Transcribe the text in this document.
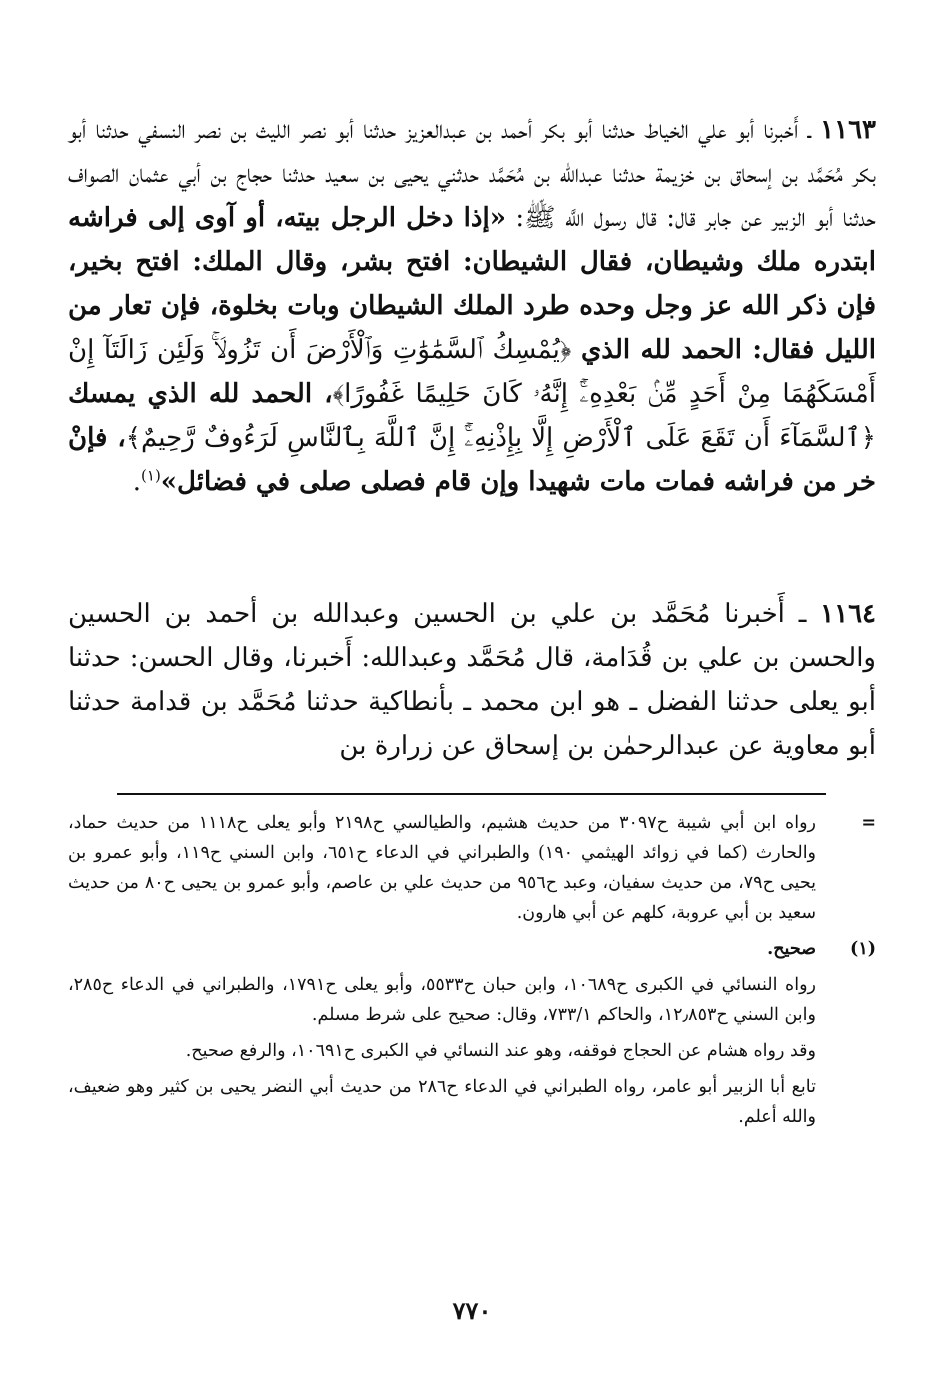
١١٦٣ ـ أَخبرنا أبو علي الخياط حدثنا أبو بكر أحمد بن عبدالعزيز حدثنا أبو نصر الليث بن نصر النسفي حدثنا أبو بكر مُحَمَّد بن إسحاق بن خزيمة حدثنا عبدالله بن مُحَمَّد حدثني يحيى بن سعيد حدثنا حجاج بن أبي عثمان الصواف حدثنا أبو الزبير عن جابر قال: قال رسول اللَّه ﷺ: «إذا دخل الرجل بيته، أو آوى إلى فراشه ابتدره ملك وشيطان، فقال الشيطان: افتح بشر، وقال الملك: افتح بخير، فإن ذكر الله عز وجل وحده طرد الملك الشيطان وبات بخلوة، فإن تعار من الليل فقال: الحمد لله الذي ﴿يُمْسِكُ ٱلسَّمَٰوَٰتِ وَٱلْأَرْضَ أَن تَزُولَاۚ وَلَئِن زَالَتَآ إِنْ أَمْسَكَهُمَا مِنْ أَحَدٍ مِّنۢ بَعْدِهِۦٓۚ إِنَّهُۥ كَانَ حَلِيمًا غَفُورًا﴾، الحمد لله الذي يمسك ﴿ٱلسَّمَآءَ أَن تَقَعَ عَلَى ٱلْأَرْضِ إِلَّا بِإِذْنِهِۦٓۚ إِنَّ ٱللَّهَ بِٱلنَّاسِ لَرَءُوفٌ رَّحِيمٌ﴾، فإنْ خر من فراشه فمات مات شهيدا وإن قام فصلى صلى في فضائل»$^{(١)}$.
١١٦٤ ـ أَخبرنا مُحَمَّد بن علي بن الحسين وعبدالله بن أحمد بن الحسين والحسن بن علي بن قُدَامة، قال مُحَمَّد وعبدالله: أَخبرنا، وقال الحسن: حدثنا أبو يعلى حدثنا الفضل ـ هو ابن محمد ـ بأنطاكية حدثنا مُحَمَّد بن قدامة حدثنا أبو معاوية عن عبدالرحمٰن بن إسحاق عن زرارة بن
=
رواه ابن أبي شيبة ح٣٠٩٧ من حديث هشيم، والطيالسي ح٢١٩٨ وأبو يعلى ح١١١٨ من حديث حماد، والحارث (كما في زوائد الهيثمي ١٩٠) والطبراني في الدعاء ح٦٥١، وابن السني ح١١٩، وأبو عمرو بن يحيى ح٧٩، من حديث سفيان، وعبد ح٩٥٦ من حديث علي بن عاصم، وأبو عمرو بن يحيى ح٨٠ من حديث سعيد بن أبي عروبة، كلهم عن أبي هارون.
(١)
صحيح.
رواه النسائي في الكبرى ح١٠٦٨٩، وابن حبان ح٥٥٣٣، وأبو يعلى ح١٧٩١، والطبراني في الدعاء ح٢٨٥، وابن السني ح١٢٫٨٥٣، والحاكم ٧٣٣/١، وقال: صحيح على شرط مسلم.
وقد رواه هشام عن الحجاج فوقفه، وهو عند النسائي في الكبرى ح١٠٦٩١، والرفع صحيح.
تابع أبا الزبير أبو عامر، رواه الطبراني في الدعاء ح٢٨٦ من حديث أبي النضر يحيى بن كثير وهو ضعيف، والله أعلم.
٧٧٠
